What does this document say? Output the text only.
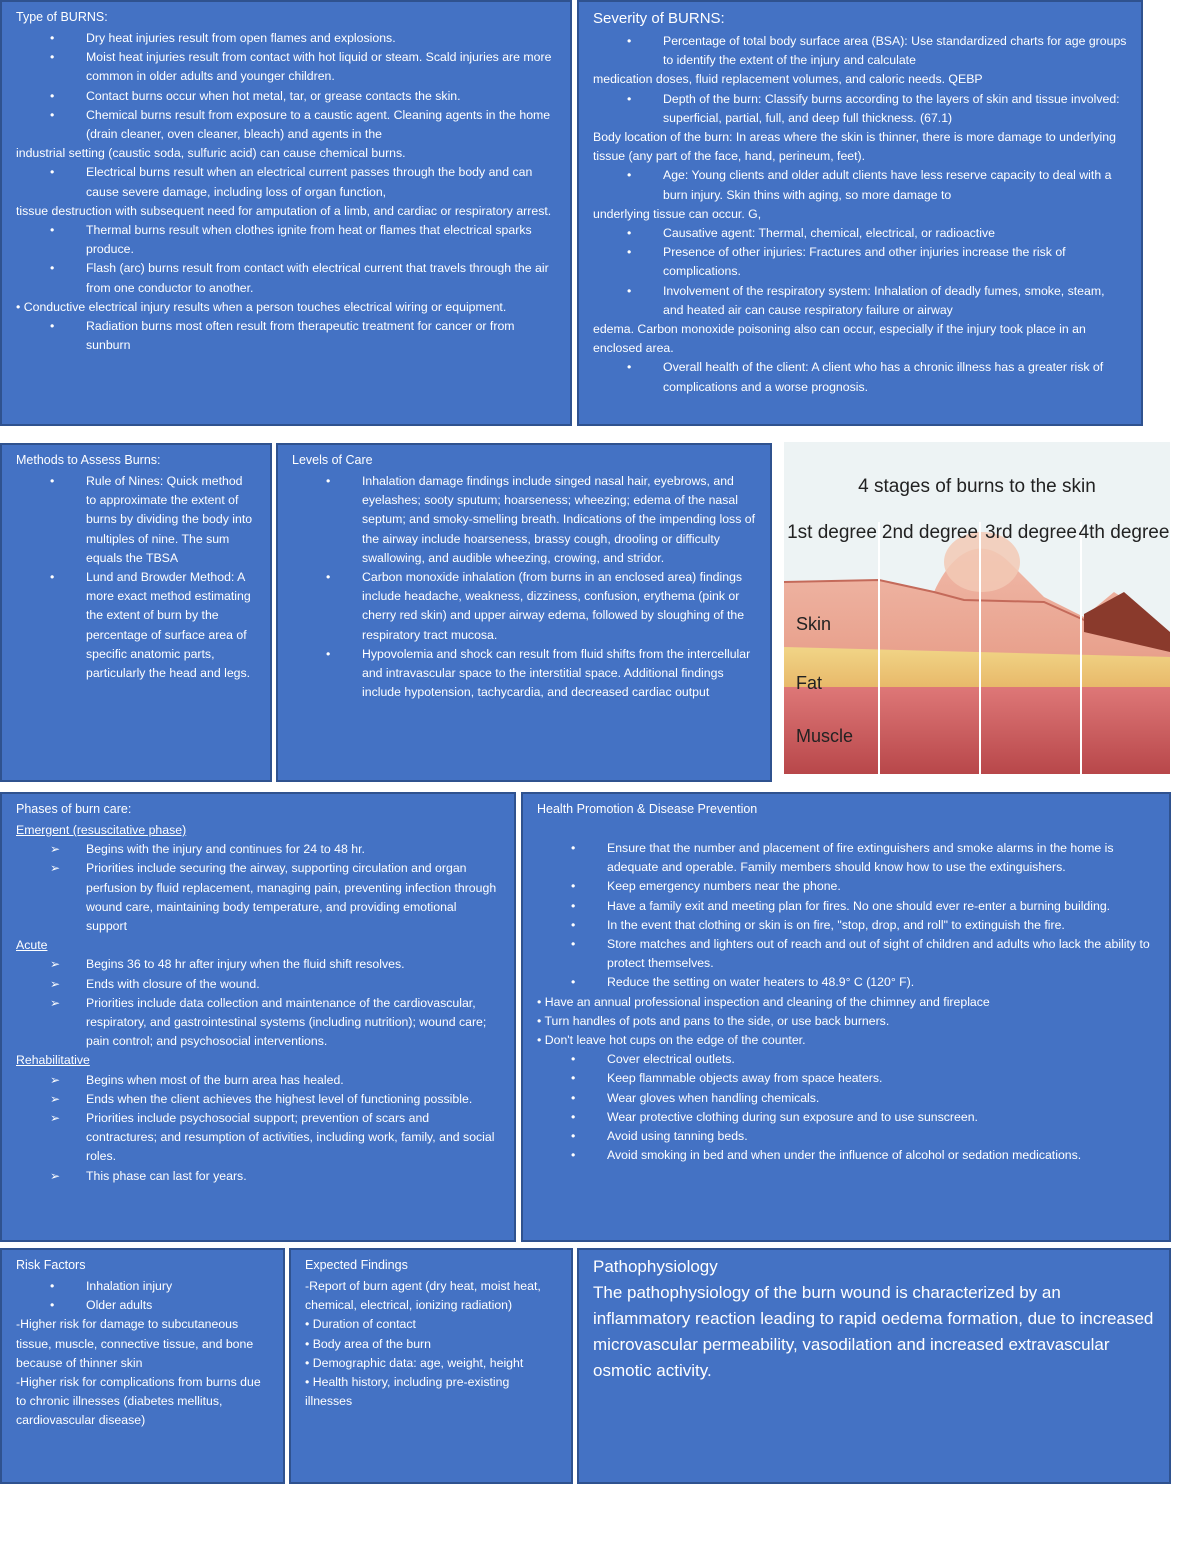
Type of BURNS:
• Dry heat injuries result from open flames and explosions.
• Moist heat injuries result from contact with hot liquid or steam. Scald injuries are more common in older adults and younger children.
• Contact burns occur when hot metal, tar, or grease contacts the skin.
• Chemical burns result from exposure to a caustic agent. Cleaning agents in the home (drain cleaner, oven cleaner, bleach) and agents in the
industrial setting (caustic soda, sulfuric acid) can cause chemical burns.
• Electrical burns result when an electrical current passes through the body and can cause severe damage, including loss of organ function,
tissue destruction with subsequent need for amputation of a limb, and cardiac or respiratory arrest.
• Thermal burns result when clothes ignite from heat or flames that electrical sparks produce.
• Flash (arc) burns result from contact with electrical current that travels through the air from one conductor to another.
• Conductive electrical injury results when a person touches electrical wiring or equipment.
• Radiation burns most often result from therapeutic treatment for cancer or from sunburn
Severity of BURNS:
• Percentage of total body surface area (BSA): Use standardized charts for age groups to identify the extent of the injury and calculate
medication doses, fluid replacement volumes, and caloric needs. QEBP
• Depth of the burn: Classify burns according to the layers of skin and tissue involved: superficial, partial, full, and deep full thickness. (67.1)
Body location of the burn: In areas where the skin is thinner, there is more damage to underlying tissue (any part of the face, hand, perineum, feet).
• Age: Young clients and older adult clients have less reserve capacity to deal with a burn injury. Skin thins with aging, so more damage to
underlying tissue can occur. G,
• Causative agent: Thermal, chemical, electrical, or radioactive
• Presence of other injuries: Fractures and other injuries increase the risk of complications.
• Involvement of the respiratory system: Inhalation of deadly fumes, smoke, steam, and heated air can cause respiratory failure or airway
edema. Carbon monoxide poisoning also can occur, especially if the injury took place in an enclosed area.
• Overall health of the client: A client who has a chronic illness has a greater risk of complications and a worse prognosis.
Methods to Assess Burns:
• Rule of Nines: Quick method to approximate the extent of burns by dividing the body into multiples of nine. The sum equals the TBSA
• Lund and Browder Method: A more exact method estimating the extent of burn by the percentage of surface area of specific anatomic parts, particularly the head and legs.
Levels of Care
• Inhalation damage findings include singed nasal hair, eyebrows, and eyelashes; sooty sputum; hoarseness; wheezing; edema of the nasal septum; and smoky-smelling breath. Indications of the impending loss of the airway include hoarseness, brassy cough, drooling or difficulty swallowing, and audible wheezing, crowing, and stridor.
• Carbon monoxide inhalation (from burns in an enclosed area) findings include headache, weakness, dizziness, confusion, erythema (pink or cherry red skin) and upper airway edema, followed by sloughing of the respiratory tract mucosa.
• Hypovolemia and shock can result from fluid shifts from the intercellular and intravascular space to the interstitial space. Additional findings include hypotension, tachycardia, and decreased cardiac output
4 stages of burns to the skin
1st degree 2nd degree 3rd degree 4th degree
Skin
Fat
Muscle
Phases of burn care:
Emergent (resuscitative phase)
➢ Begins with the injury and continues for 24 to 48 hr.
➢ Priorities include securing the airway, supporting circulation and organ perfusion by fluid replacement, managing pain, preventing infection through wound care, maintaining body temperature, and providing emotional support
Acute
➢ Begins 36 to 48 hr after injury when the fluid shift resolves.
➢ Ends with closure of the wound.
➢ Priorities include data collection and maintenance of the cardiovascular, respiratory, and gastrointestinal systems (including nutrition); wound care; pain control; and psychosocial interventions.
Rehabilitative
➢ Begins when most of the burn area has healed.
➢ Ends when the client achieves the highest level of functioning possible.
➢ Priorities include psychosocial support; prevention of scars and contractures; and resumption of activities, including work, family, and social roles.
➢ This phase can last for years.
Health Promotion & Disease Prevention
• Ensure that the number and placement of fire extinguishers and smoke alarms in the home is adequate and operable. Family members should know how to use the extinguishers.
• Keep emergency numbers near the phone.
• Have a family exit and meeting plan for fires. No one should ever re-enter a burning building.
• In the event that clothing or skin is on fire, "stop, drop, and roll" to extinguish the fire.
• Store matches and lighters out of reach and out of sight of children and adults who lack the ability to protect themselves.
• Reduce the setting on water heaters to 48.9° C (120° F).
• Have an annual professional inspection and cleaning of the chimney and fireplace
• Turn handles of pots and pans to the side, or use back burners.
• Don't leave hot cups on the edge of the counter.
• Cover electrical outlets.
• Keep flammable objects away from space heaters.
• Wear gloves when handling chemicals.
• Wear protective clothing during sun exposure and to use sunscreen.
• Avoid using tanning beds.
• Avoid smoking in bed and when under the influence of alcohol or sedation medications.
Risk Factors
• Inhalation injury
• Older adults
-Higher risk for damage to subcutaneous tissue, muscle, connective tissue, and bone because of thinner skin
-Higher risk for complications from burns due to chronic illnesses (diabetes mellitus, cardiovascular disease)
Expected Findings
-Report of burn agent (dry heat, moist heat, chemical, electrical, ionizing radiation)
• Duration of contact
• Body area of the burn
• Demographic data: age, weight, height
• Health history, including pre-existing illnesses
Pathophysiology
The pathophysiology of the burn wound is characterized by an inflammatory reaction leading to rapid oedema formation, due to increased microvascular permeability, vasodilation and increased extravascular osmotic activity.
